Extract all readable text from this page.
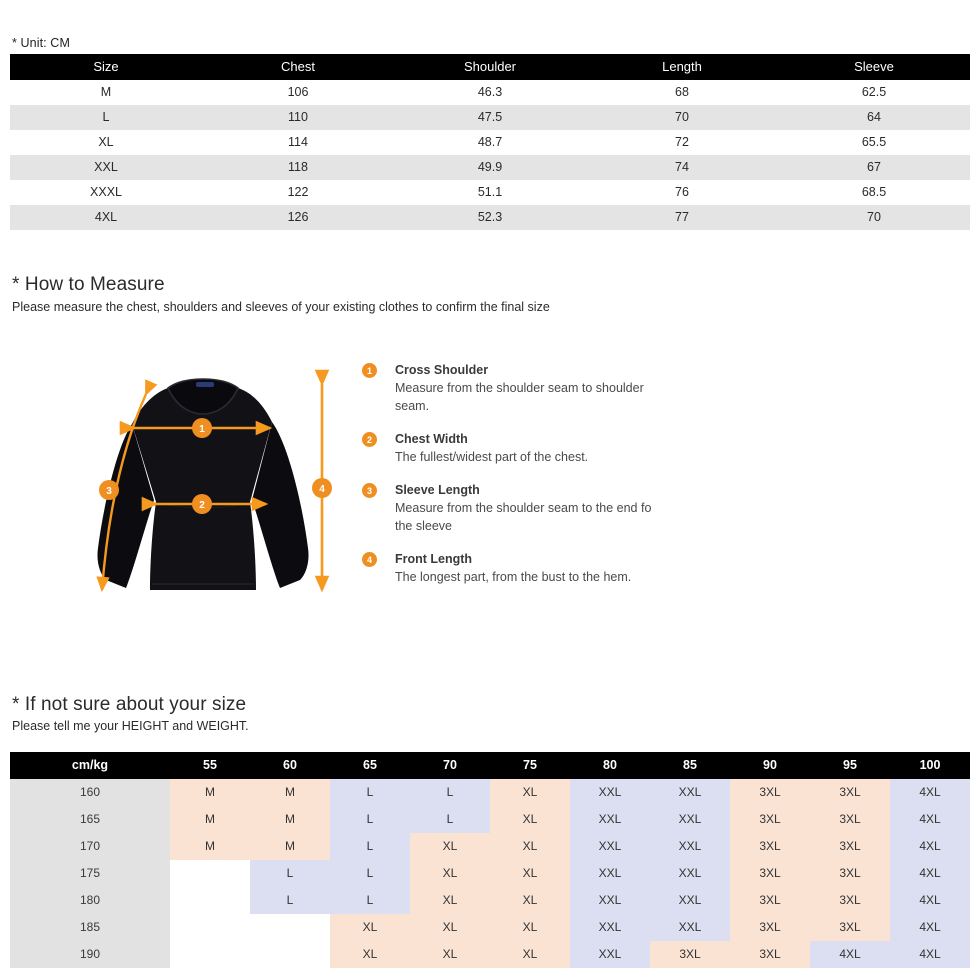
* Unit: CM
Size	Chest	Shoulder	Length	Sleeve
M	106	46.3	68	62.5
L	110	47.5	70	64
XL	114	48.7	72	65.5
XXL	118	49.9	74	67
XXXL	122	51.1	76	68.5
4XL	126	52.3	77	70
* How to Measure
Please measure the chest, shoulders and sleeves of your existing clothes to confirm the final size
1
2
3	4
1	Cross Shoulder
Measure from the shoulder seam to shoulder seam.
2	Chest Width
The fullest/widest part of the chest.
3	Sleeve Length
Measure from the shoulder seam to the end fo the sleeve
4	Front Length
The longest part, from the bust to the hem.
* If not sure about your size
Please tell me your HEIGHT and WEIGHT.
cm/kg	55	60	65	70	75	80	85	90	95	100
160	M	M	L	L	XL	XXL	XXL	3XL	3XL	4XL
165	M	M	L	L	XL	XXL	XXL	3XL	3XL	4XL
170	M	M	L	XL	XL	XXL	XXL	3XL	3XL	4XL
175		L	L	XL	XL	XXL	XXL	3XL	3XL	4XL
180		L	L	XL	XL	XXL	XXL	3XL	3XL	4XL
185			XL	XL	XL	XXL	XXL	3XL	3XL	4XL
190			XL	XL	XL	XXL	3XL	3XL	4XL	4XL
